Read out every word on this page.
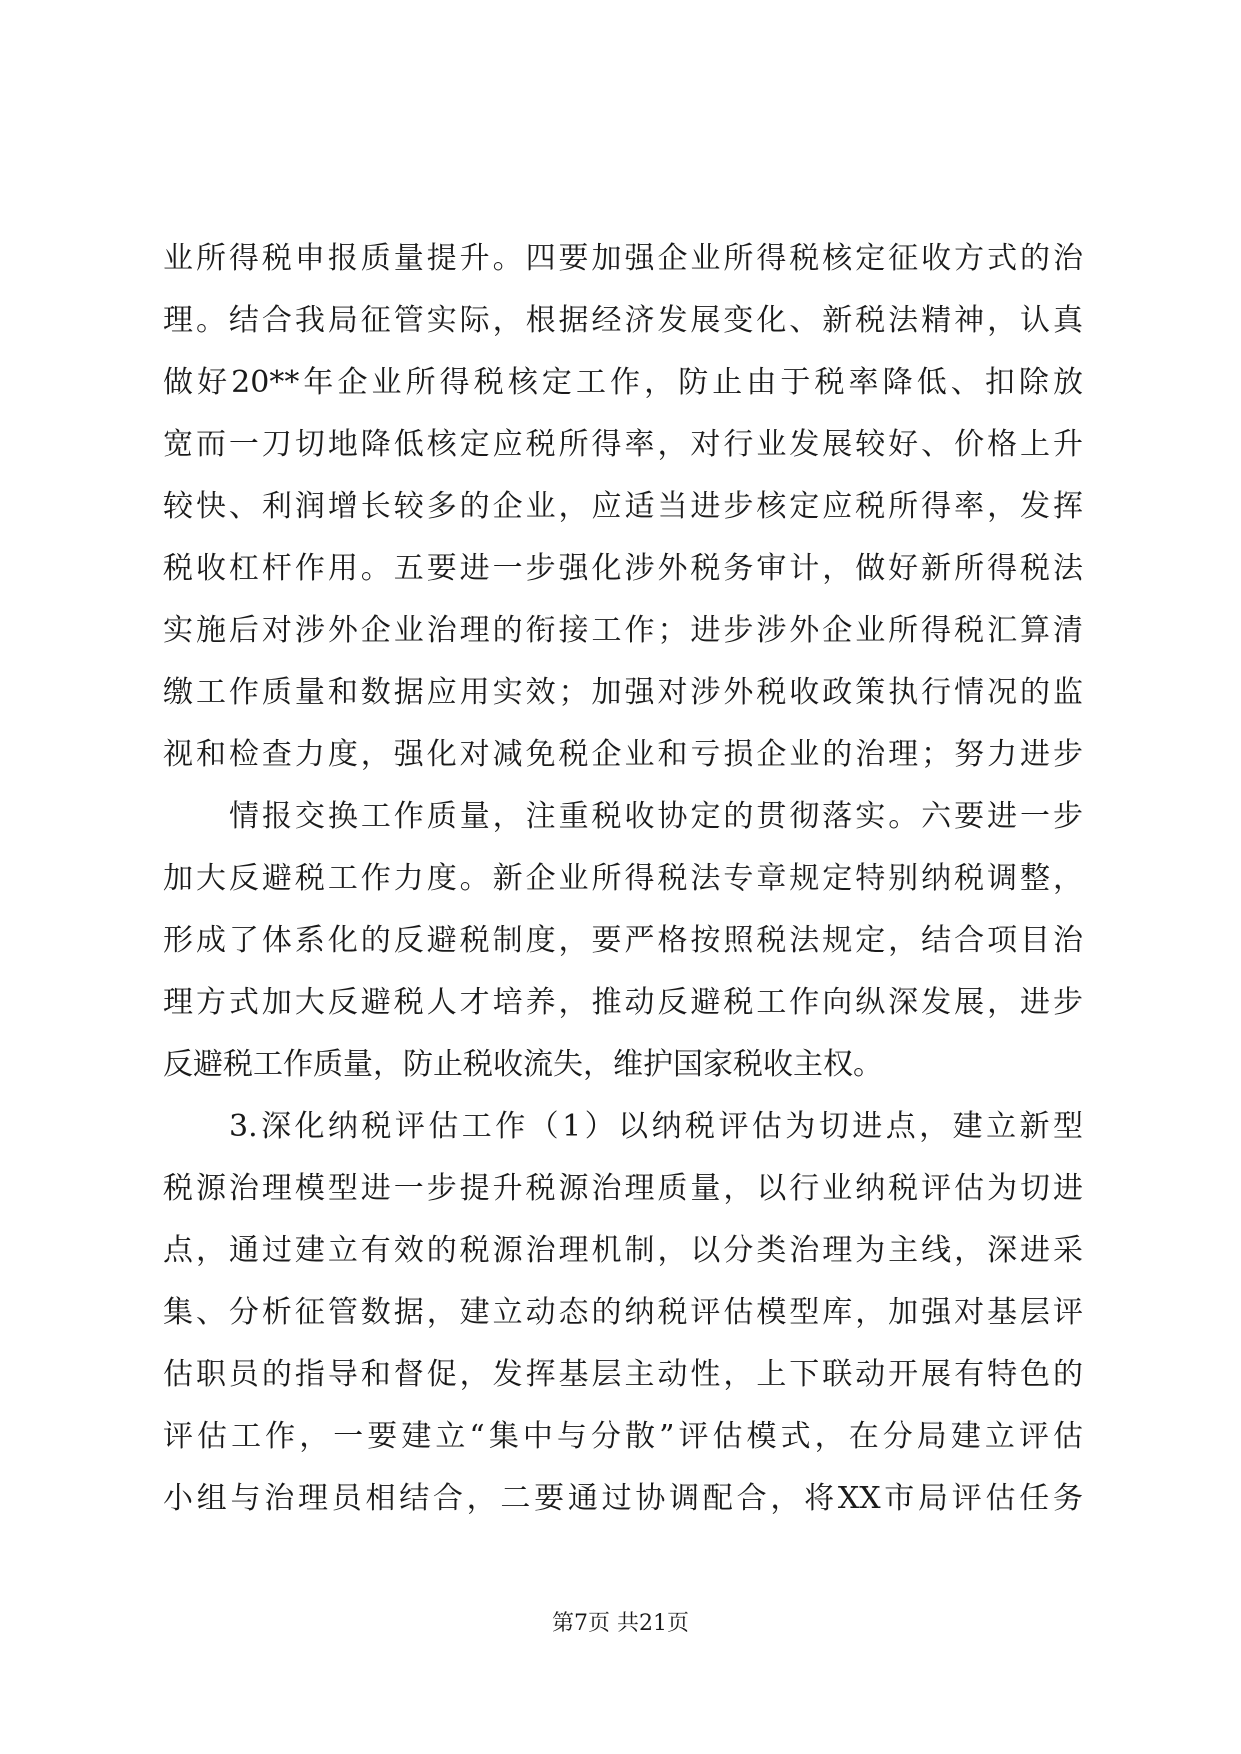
业所得税申报质量提升。四要加强企业所得税核定征收方式的治
理。结合我局征管实际，根据经济发展变化、新税法精神，认真
做好20**年企业所得税核定工作，防止由于税率降低、扣除放
宽而一刀切地降低核定应税所得率，对行业发展较好、价格上升
较快、利润增长较多的企业，应适当进步核定应税所得率，发挥
税收杠杆作用。五要进一步强化涉外税务审计，做好新所得税法
实施后对涉外企业治理的衔接工作；进步涉外企业所得税汇算清
缴工作质量和数据应用实效；加强对涉外税收政策执行情况的监
视和检查力度，强化对减免税企业和亏损企业的治理；努力进步
情报交换工作质量，注重税收协定的贯彻落实。六要进一步
加大反避税工作力度。新企业所得税法专章规定特别纳税调整，
形成了体系化的反避税制度，要严格按照税法规定，结合项目治
理方式加大反避税人才培养，推动反避税工作向纵深发展，进步
反避税工作质量，防止税收流失，维护国家税收主权。
3.深化纳税评估工作（1）以纳税评估为切进点，建立新型
税源治理模型进一步提升税源治理质量，以行业纳税评估为切进
点，通过建立有效的税源治理机制，以分类治理为主线，深进采
集、分析征管数据，建立动态的纳税评估模型库，加强对基层评
估职员的指导和督促，发挥基层主动性，上下联动开展有特色的
评估工作，一要建立“集中与分散”评估模式，在分局建立评估
小组与治理员相结合，二要通过协调配合，将XX市局评估任务
第7页 共21页
